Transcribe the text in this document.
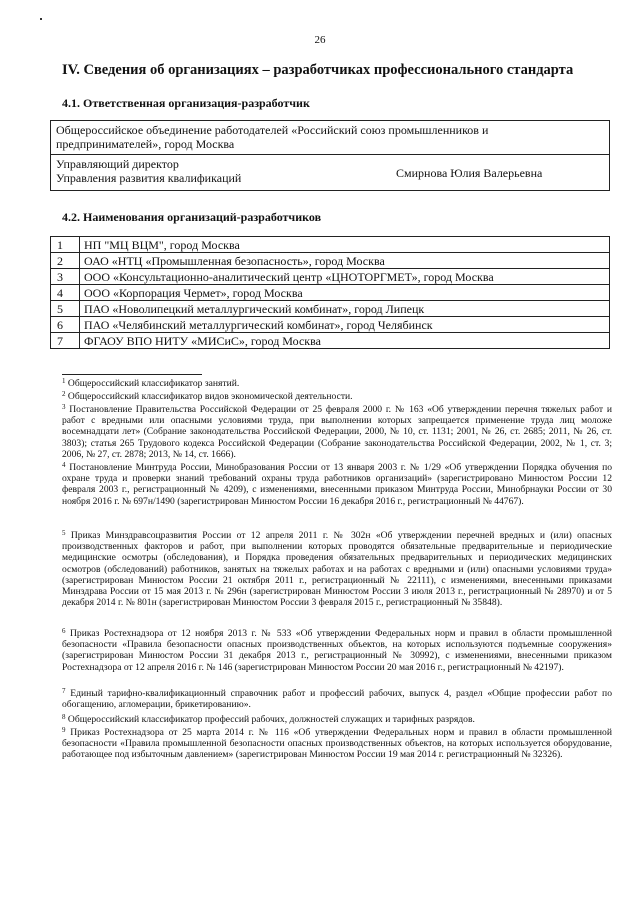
26
IV. Сведения об организациях – разработчиках профессионального стандарта
4.1. Ответственная организация-разработчик
Общероссийское объединение работодателей «Российский союз промышленников и
предпринимателей», город Москва
Управляющий директор
Управления развития квалификаций	Смирнова Юлия Валерьевна
4.2. Наименования организаций-разработчиков
1	НП "МЦ ВЦМ", город Москва
2	ОАО «НТЦ «Промышленная безопасность», город Москва
3	ООО «Консультационно-аналитический центр «ЦНОТОРГМЕТ», город Москва
4	ООО «Корпорация Чермет», город Москва
5	ПАО «Новолипецкий металлургический комбинат», город Липецк
6	ПАО «Челябинский металлургический комбинат», город Челябинск
7	ФГАОУ ВПО НИТУ «МИСиС», город Москва
$^1$ Общероссийский классификатор занятий.
$^2$ Общероссийский классификатор видов экономической деятельности.
$^3$ Постановление Правительства Российской Федерации от 25 февраля 2000 г. № 163 «Об утверждении перечня тяжелых работ и работ с вредными или опасными условиями труда, при выполнении которых запрещается применение труда лиц моложе восемнадцати лет» (Собрание законодательства Российской Федерации, 2000, № 10, ст. 1131; 2001, № 26, ст. 2685; 2011, № 26, ст. 3803); статья 265 Трудового кодекса Российской Федерации (Собрание законодательства Российской Федерации, 2002, № 1, ст. 3; 2006, № 27, ст. 2878; 2013, № 14, ст. 1666).
$^4$ Постановление Минтруда России, Минобразования России от 13 января 2003 г. № 1/29 «Об утверждении Порядка обучения по охране труда и проверки знаний требований охраны труда работников организаций» (зарегистрировано Минюстом России 12 февраля 2003 г., регистрационный № 4209), с изменениями, внесенными приказом Минтруда России, Минобрнауки России от 30 ноября 2016 г. № 697н/1490 (зарегистрирован Минюстом России 16 декабря 2016 г., регистрационный № 44767).
$^5$ Приказ Минздравсоцразвития России от 12 апреля 2011 г. № 302н «Об утверждении перечней вредных и (или) опасных производственных факторов и работ, при выполнении которых проводятся обязательные предварительные и периодические медицинские осмотры (обследования), и Порядка проведения обязательных предварительных и периодических медицинских осмотров (обследований) работников, занятых на тяжелых работах и на работах с вредными и (или) опасными условиями труда» (зарегистрирован Минюстом России 21 октября 2011 г., регистрационный № 22111), с изменениями, внесенными приказами Минздрава России от 15 мая 2013 г. № 296н (зарегистрирован Минюстом России 3 июля 2013 г., регистрационный № 28970) и от 5 декабря 2014 г. № 801н (зарегистрирован Минюстом России 3 февраля 2015 г., регистрационный № 35848).
$^6$ Приказ Ростехнадзора от 12 ноября 2013 г. № 533 «Об утверждении Федеральных норм и правил в области промышленной безопасности «Правила безопасности опасных производственных объектов, на которых используются подъемные сооружения» (зарегистрирован Минюстом России 31 декабря 2013 г., регистрационный № 30992), с изменениями, внесенными приказом Ростехнадзора от 12 апреля 2016 г. № 146 (зарегистрирован Минюстом России 20 мая 2016 г., регистрационный № 42197).
$^7$ Единый тарифно-квалификационный справочник работ и профессий рабочих, выпуск 4, раздел «Общие профессии работ по обогащению, агломерации, брикетированию».
$^8$ Общероссийский классификатор профессий рабочих, должностей служащих и тарифных разрядов.
$^9$ Приказ Ростехнадзора от 25 марта 2014 г. № 116 «Об утверждении Федеральных норм и правил в области промышленной безопасности «Правила промышленной безопасности опасных производственных объектов, на которых используется оборудование, работающее под избыточным давлением» (зарегистрирован Минюстом России 19 мая 2014 г. регистрационный № 32326).
